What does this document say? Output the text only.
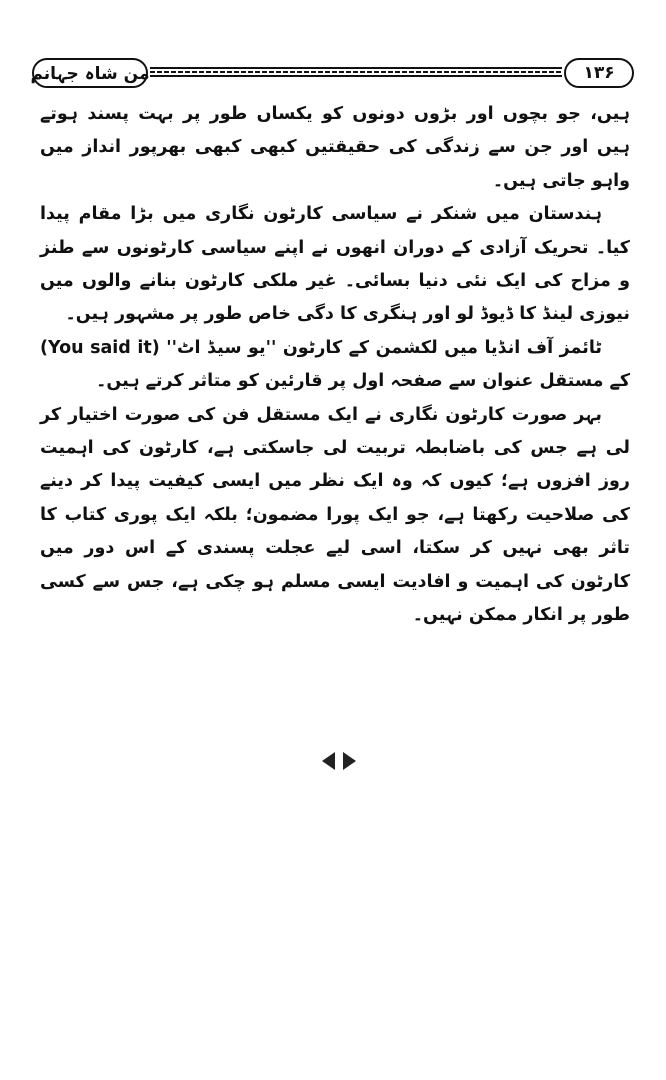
من شاہ جہانم	۱۳۶

ہیں، جو بچوں اور بڑوں دونوں کو یکساں طور پر بہت پسند ہوتے ہیں اور جن سے زندگی کی حقیقتیں کبھی کبھی بھرپور انداز میں واہو جاتی ہیں۔

ہندستان میں شنکر نے سیاسی کارٹون نگاری میں بڑا مقام پیدا کیا۔ تحریک آزادی کے دوران انھوں نے اپنے سیاسی کارٹونوں سے طنز و مزاح کی ایک نئی دنیا بسائی۔ غیر ملکی کارٹون بنانے والوں میں نیوزی لینڈ کا ڈیوڈ لو اور ہنگری کا دگی خاص طور پر مشہور ہیں۔

ٹائمز آف انڈیا میں لکشمن کے کارٹون ''یو سیڈ اٹ'' (You said it) کے مستقل عنوان سے صفحہ اول پر قارئین کو متاثر کرتے ہیں۔

بہر صورت کارٹون نگاری نے ایک مستقل فن کی صورت اختیار کر لی ہے جس کی باضابطہ تربیت لی جاسکتی ہے، کارٹون کی اہمیت روز افزوں ہے؛ کیوں کہ وہ ایک نظر میں ایسی کیفیت پیدا کر دینے کی صلاحیت رکھتا ہے، جو ایک پورا مضمون؛ بلکہ ایک پوری کتاب کا تاثر بھی نہیں کر سکتا، اسی لیے عجلت پسندی کے اس دور میں کارٹون کی اہمیت و افادیت ایسی مسلم ہو چکی ہے، جس سے کسی طور پر انکار ممکن نہیں۔
